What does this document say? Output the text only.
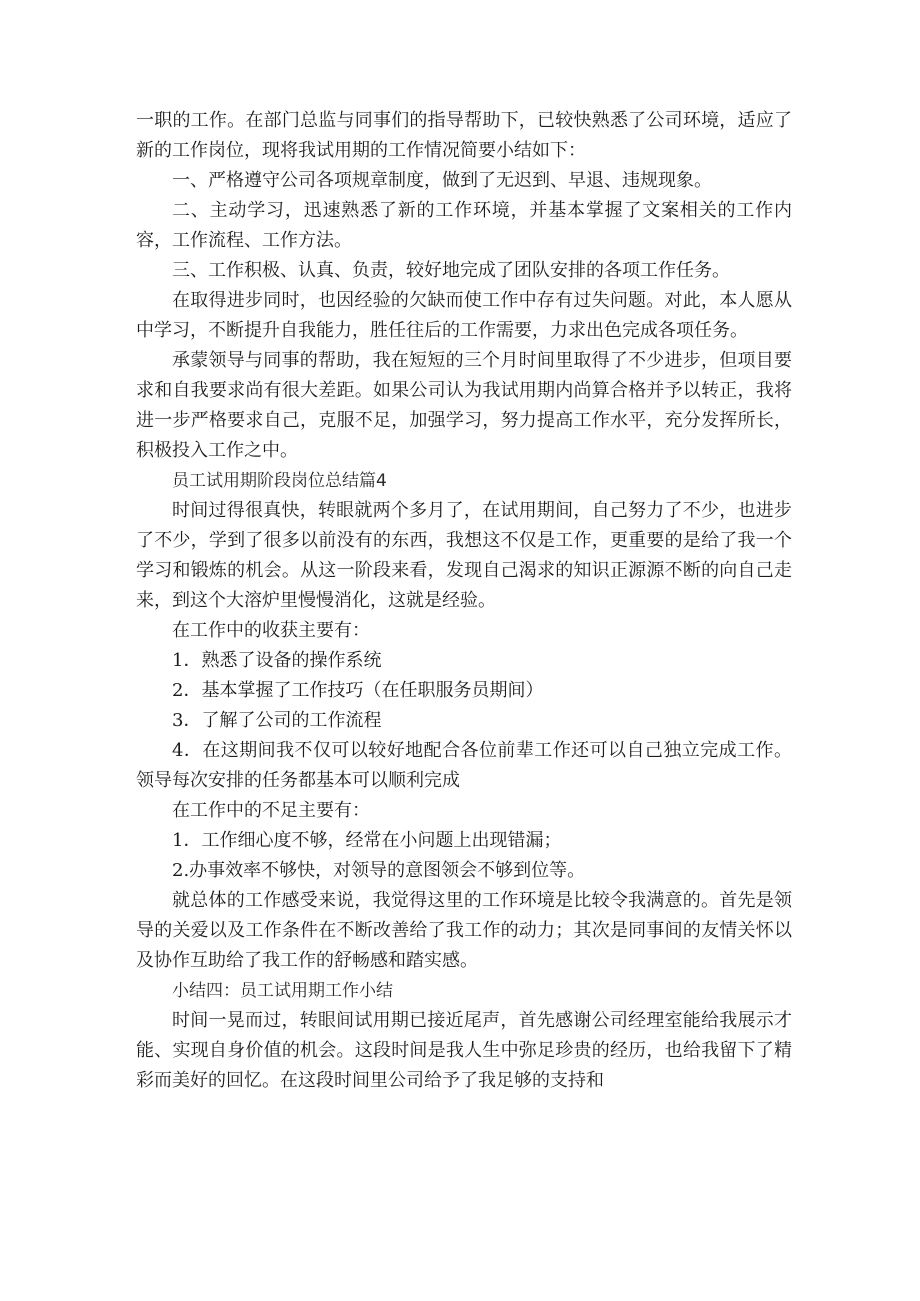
一职的工作。在部门总监与同事们的指导帮助下，已较快熟悉了公司环境，适应了新的工作岗位，现将我试用期的工作情况简要小结如下：

一、严格遵守公司各项规章制度，做到了无迟到、早退、违规现象。

二、主动学习，迅速熟悉了新的工作环境，并基本掌握了文案相关的工作内容，工作流程、工作方法。

三、工作积极、认真、负责，较好地完成了团队安排的各项工作任务。

在取得进步同时，也因经验的欠缺而使工作中存有过失问题。对此，本人愿从中学习，不断提升自我能力，胜任往后的工作需要，力求出色完成各项任务。

承蒙领导与同事的帮助，我在短短的三个月时间里取得了不少进步，但项目要求和自我要求尚有很大差距。如果公司认为我试用期内尚算合格并予以转正，我将进一步严格要求自己，克服不足，加强学习，努力提高工作水平，充分发挥所长，积极投入工作之中。

员工试用期阶段岗位总结篇4

时间过得很真快，转眼就两个多月了，在试用期间，自己努力了不少，也进步了不少，学到了很多以前没有的东西，我想这不仅是工作，更重要的是给了我一个学习和锻炼的机会。从这一阶段来看，发现自己渴求的知识正源源不断的向自己走来，到这个大溶炉里慢慢消化，这就是经验。

在工作中的收获主要有：

1．熟悉了设备的操作系统

2．基本掌握了工作技巧（在任职服务员期间）

3．了解了公司的工作流程

4．在这期间我不仅可以较好地配合各位前辈工作还可以自己独立完成工作。领导每次安排的任务都基本可以顺利完成

在工作中的不足主要有：

1．工作细心度不够，经常在小问题上出现错漏；

2.办事效率不够快，对领导的意图领会不够到位等。

就总体的工作感受来说，我觉得这里的工作环境是比较令我满意的。首先是领导的关爱以及工作条件在不断改善给了我工作的动力；其次是同事间的友情关怀以及协作互助给了我工作的舒畅感和踏实感。

小结四：员工试用期工作小结

时间一晃而过，转眼间试用期已接近尾声，首先感谢公司经理室能给我展示才能、实现自身价值的机会。这段时间是我人生中弥足珍贵的经历，也给我留下了精彩而美好的回忆。在这段时间里公司给予了我足够的支持和
